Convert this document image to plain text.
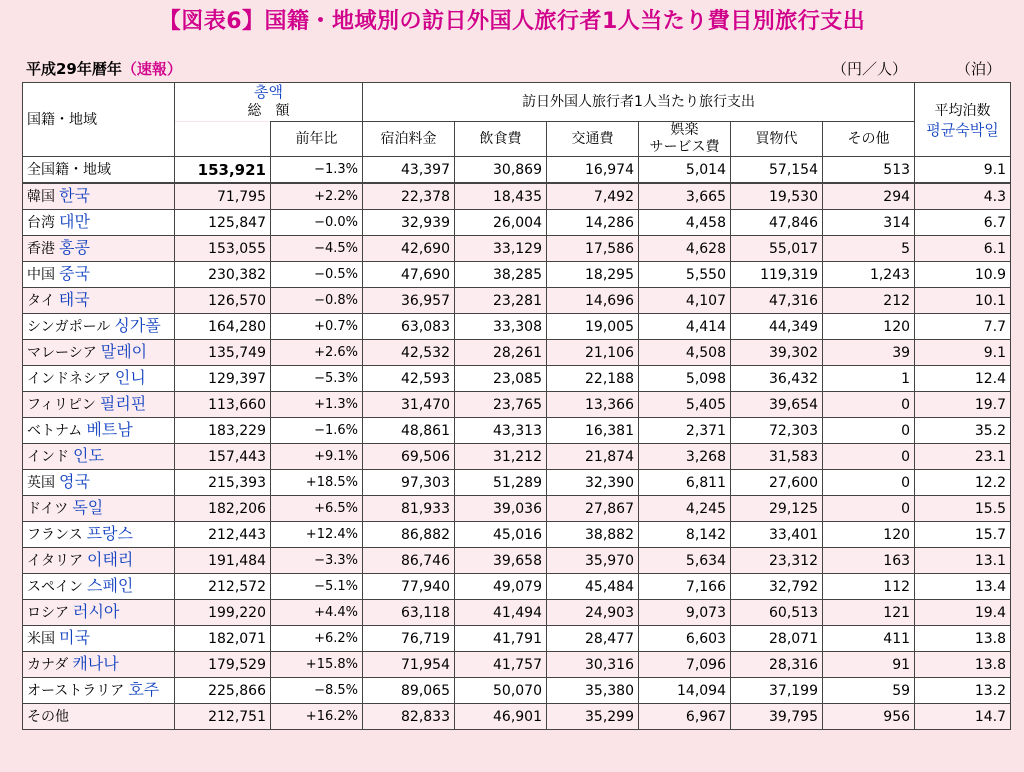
【図表6】国籍・地域別の訪日外国人旅行者1人当たり費目別旅行支出
平成29年暦年（速報）	（円／人）	（泊）
国籍・地域	총액
総　額		訪日外国人旅行者1人当たり旅行支出						平均泊数
평균숙박일

		前年比	宿泊料金	飲食費	交通費	娯楽
サービス費	買物代	その他	
全国籍・地域	153,921	−1.3%	43,397	30,869	16,974	5,014	57,154	513	9.1
韓国 한국	71,795	+2.2%	22,378	18,435	7,492	3,665	19,530	294	4.3
台湾 대만	125,847	−0.0%	32,939	26,004	14,286	4,458	47,846	314	6.7
香港 홍콩	153,055	−4.5%	42,690	33,129	17,586	4,628	55,017	5	6.1
中国 중국	230,382	−0.5%	47,690	38,285	18,295	5,550	119,319	1,243	10.9
タイ 태국	126,570	−0.8%	36,957	23,281	14,696	4,107	47,316	212	10.1
シンガポール 싱가폴	164,280	+0.7%	63,083	33,308	19,005	4,414	44,349	120	7.7
マレーシア 말레이	135,749	+2.6%	42,532	28,261	21,106	4,508	39,302	39	9.1
インドネシア 인니	129,397	−5.3%	42,593	23,085	22,188	5,098	36,432	1	12.4
フィリピン 필리핀	113,660	+1.3%	31,470	23,765	13,366	5,405	39,654	0	19.7
ベトナム 베트남	183,229	−1.6%	48,861	43,313	16,381	2,371	72,303	0	35.2
インド 인도	157,443	+9.1%	69,506	31,212	21,874	3,268	31,583	0	23.1
英国 영국	215,393	+18.5%	97,303	51,289	32,390	6,811	27,600	0	12.2
ドイツ 독일	182,206	+6.5%	81,933	39,036	27,867	4,245	29,125	0	15.5
フランス 프랑스	212,443	+12.4%	86,882	45,016	38,882	8,142	33,401	120	15.7
イタリア 이태리	191,484	−3.3%	86,746	39,658	35,970	5,634	23,312	163	13.1
スペイン 스페인	212,572	−5.1%	77,940	49,079	45,484	7,166	32,792	112	13.4
ロシア 러시아	199,220	+4.4%	63,118	41,494	24,903	9,073	60,513	121	19.4
米国 미국	182,071	+6.2%	76,719	41,791	28,477	6,603	28,071	411	13.8
カナダ 캐나나	179,529	+15.8%	71,954	41,757	30,316	7,096	28,316	91	13.8
オーストラリア 호주	225,866	−8.5%	89,065	50,070	35,380	14,094	37,199	59	13.2
その他	212,751	+16.2%	82,833	46,901	35,299	6,967	39,795	956	14.7
